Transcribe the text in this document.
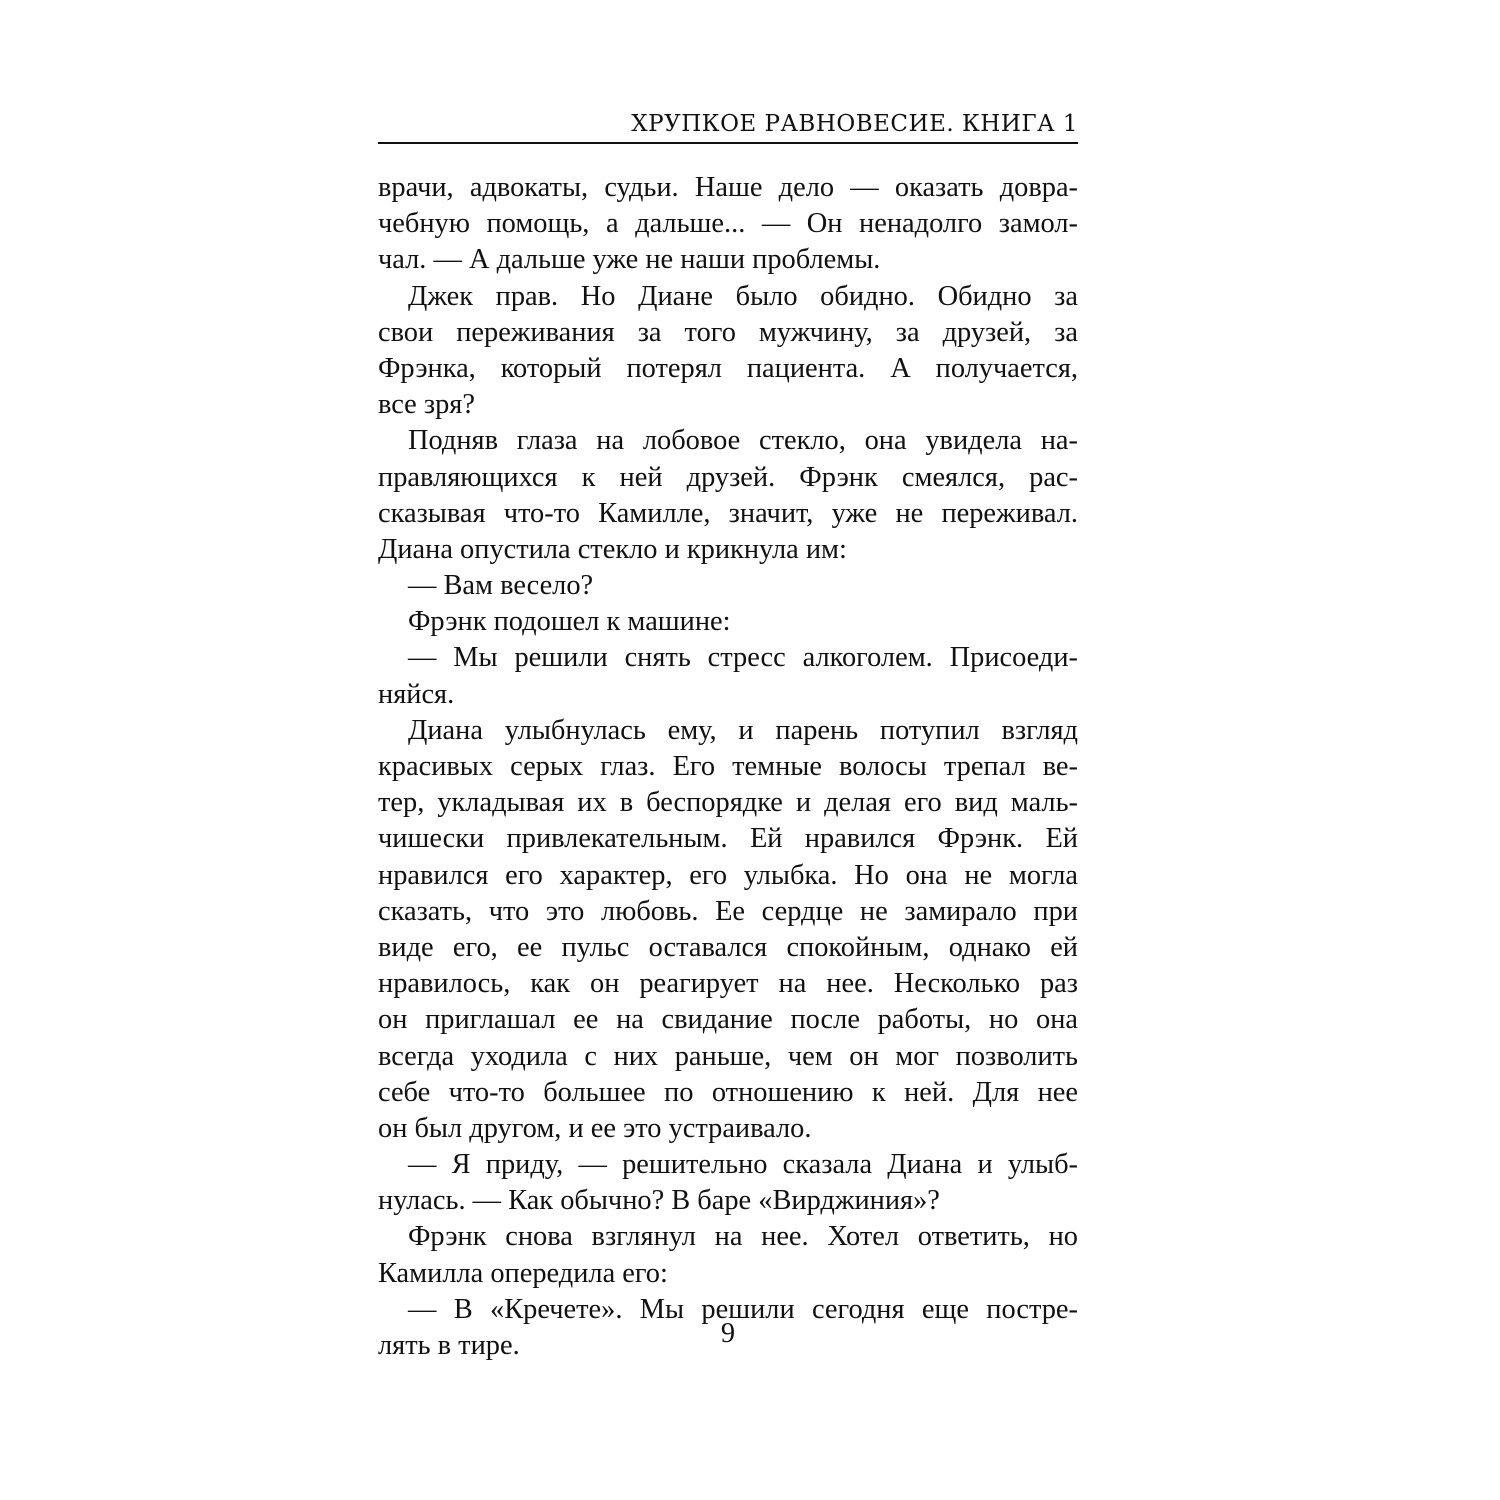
ХРУПКОЕ РАВНОВЕСИЕ. КНИГА 1
врачи, адвокаты, судьи. Наше дело — оказать довра-
чебную помощь, а дальше... — Он ненадолго замол-
чал. — А дальше уже не наши проблемы.
Джек прав. Но Диане было обидно. Обидно за
свои переживания за того мужчину, за друзей, за
Фрэнка, который потерял пациента. А получается,
все зря?
Подняв глаза на лобовое стекло, она увидела на-
правляющихся к ней друзей. Фрэнк смеялся, рас-
сказывая что-то Камилле, значит, уже не переживал.
Диана опустила стекло и крикнула им:
— Вам весело?
Фрэнк подошел к машине:
— Мы решили снять стресс алкоголем. Присоеди-
няйся.
Диана улыбнулась ему, и парень потупил взгляд
красивых серых глаз. Его темные волосы трепал ве-
тер, укладывая их в беспорядке и делая его вид маль-
чишески привлекательным. Ей нравился Фрэнк. Ей
нравился его характер, его улыбка. Но она не могла
сказать, что это любовь. Ее сердце не замирало при
виде его, ее пульс оставался спокойным, однако ей
нравилось, как он реагирует на нее. Несколько раз
он приглашал ее на свидание после работы, но она
всегда уходила с них раньше, чем он мог позволить
себе что-то большее по отношению к ней. Для нее
он был другом, и ее это устраивало.
— Я приду, — решительно сказала Диана и улыб-
нулась. — Как обычно? В баре «Вирджиния»?
Фрэнк снова взглянул на нее. Хотел ответить, но
Камилла опередила его:
— В «Кречете». Мы решили сегодня еще постре-
лять в тире.	9
